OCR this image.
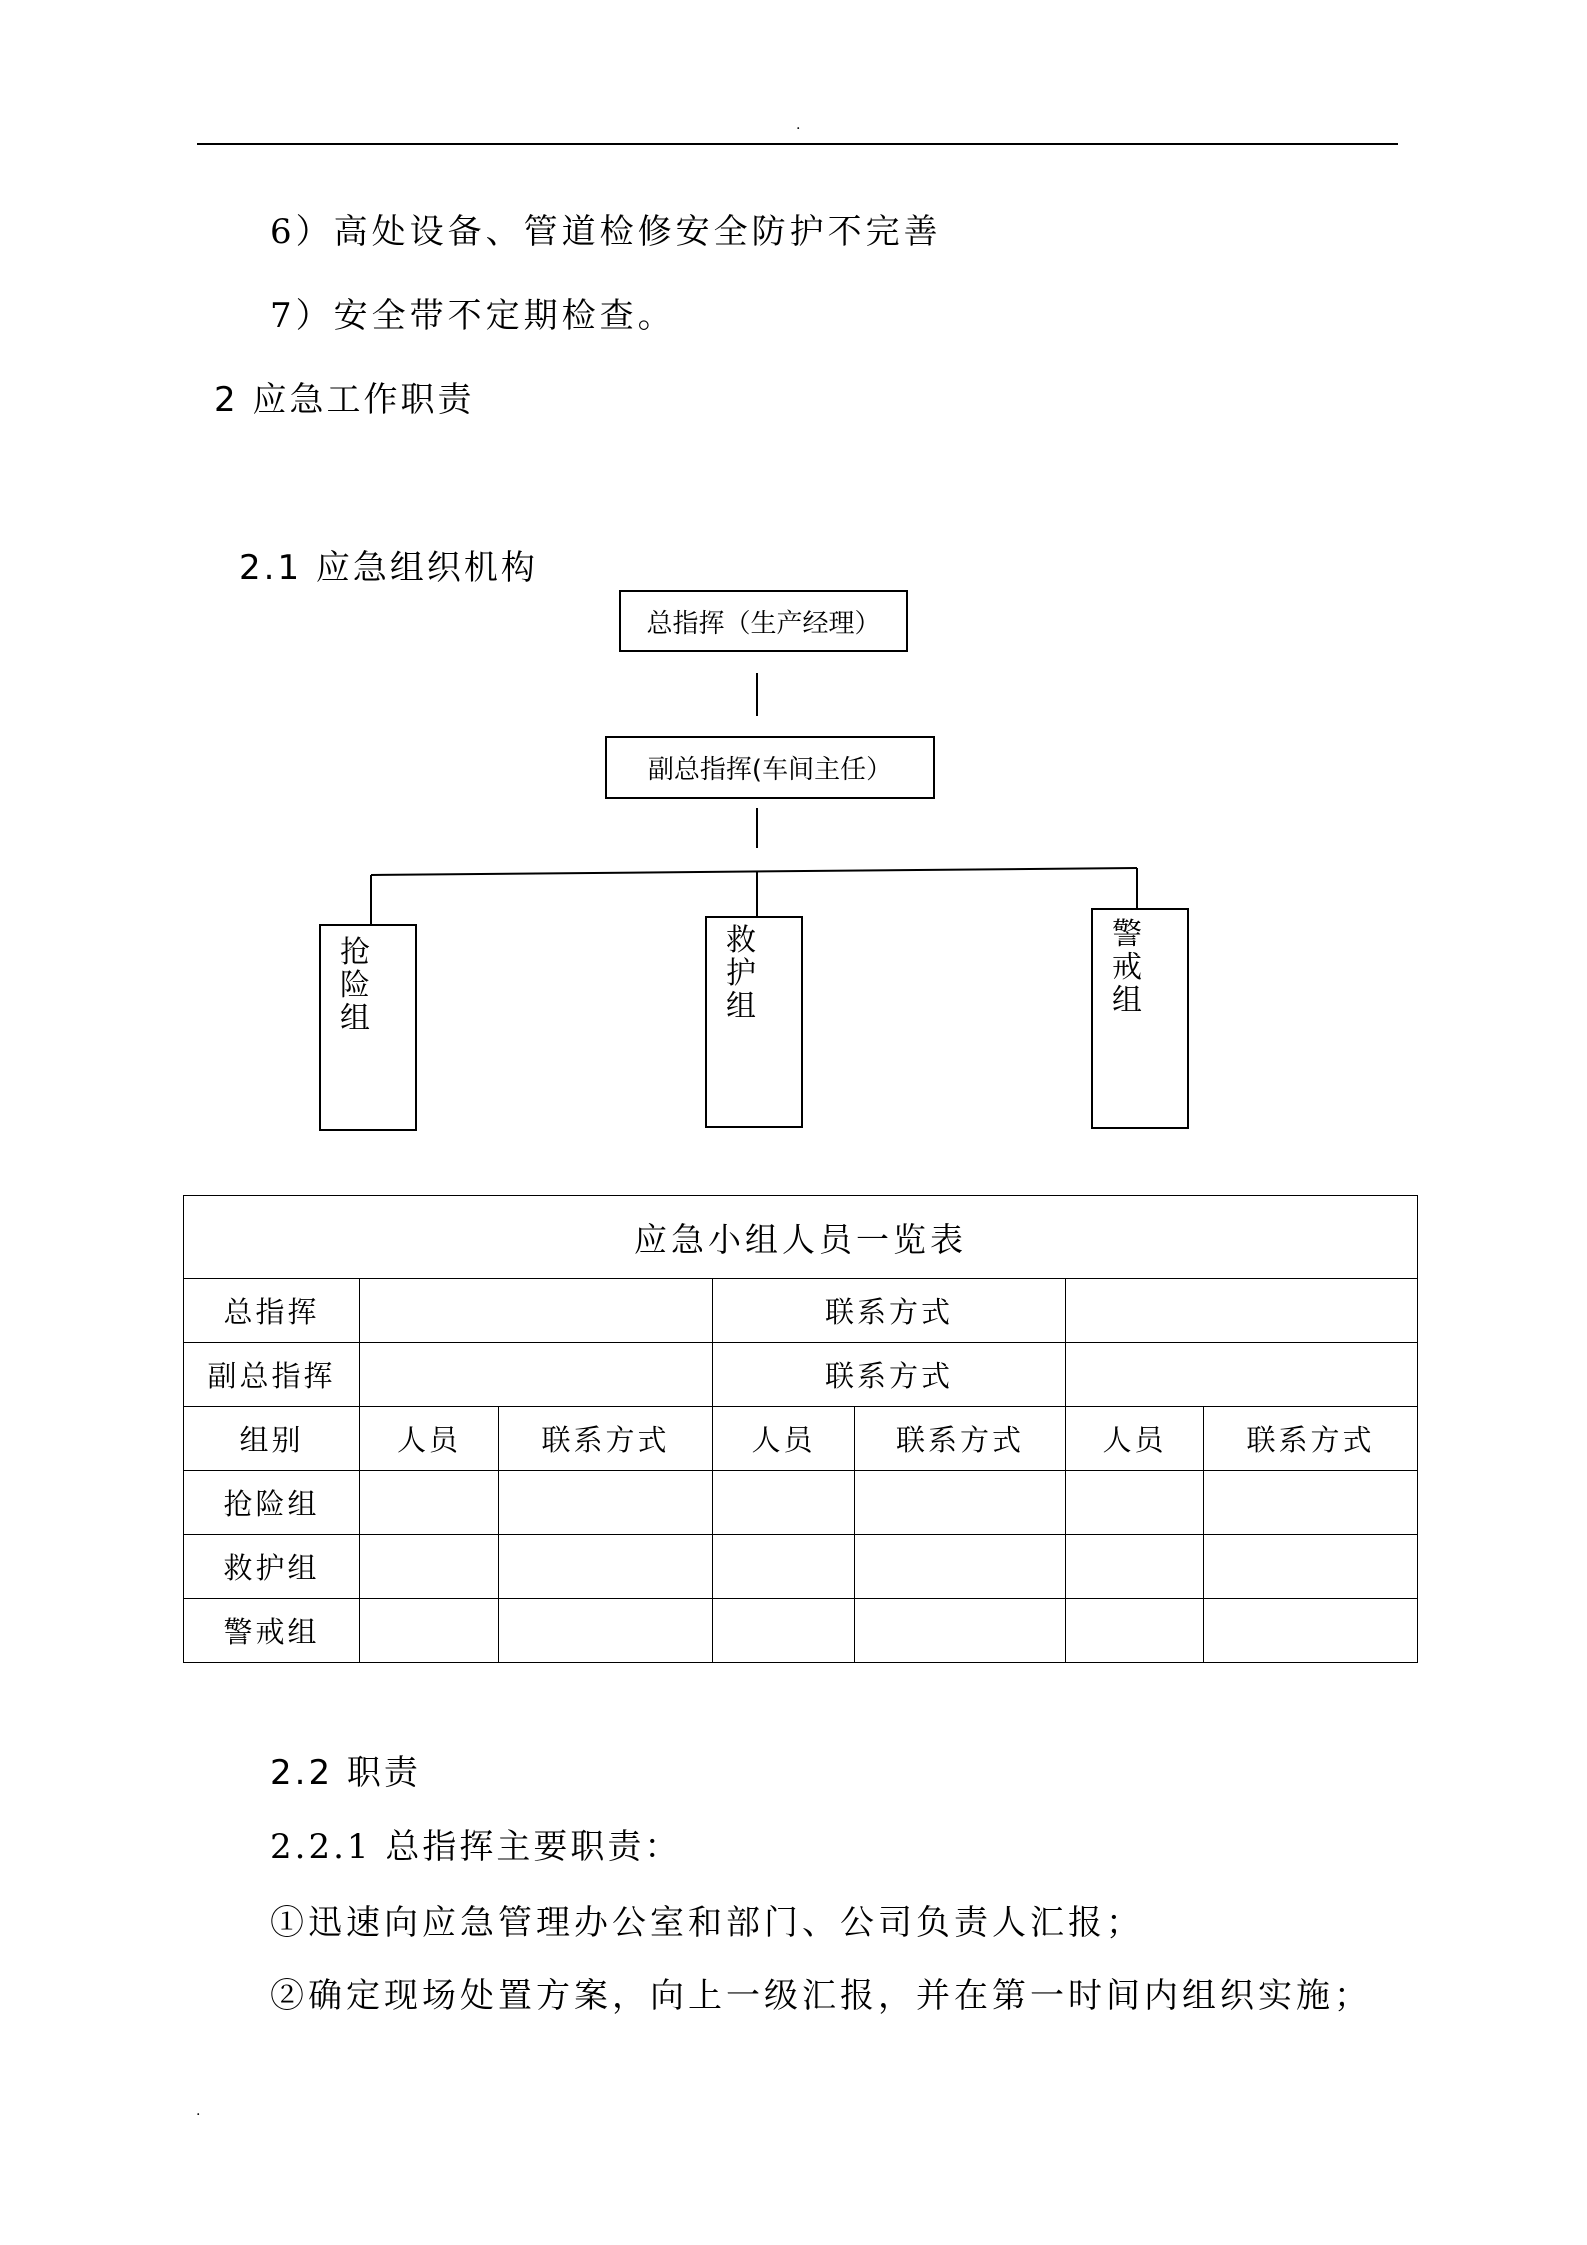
.
.
6）高处设备、管道检修安全防护不完善
7）安全带不定期检查。
2 应急工作职责
2.1 应急组织机构
总指挥（生产经理）
副总指挥(车间主任）
抢险组
救护组
警戒组
应急小组人员一览表						
总指挥			联系方式			
副总指挥			联系方式			
组别	人员	联系方式	人员	联系方式	人员	联系方式
抢险组						
救护组						
警戒组						
2.2 职责
2.2.1 总指挥主要职责：
①迅速向应急管理办公室和部门、公司负责人汇报；
②确定现场处置方案，向上一级汇报，并在第一时间内组织实施；
